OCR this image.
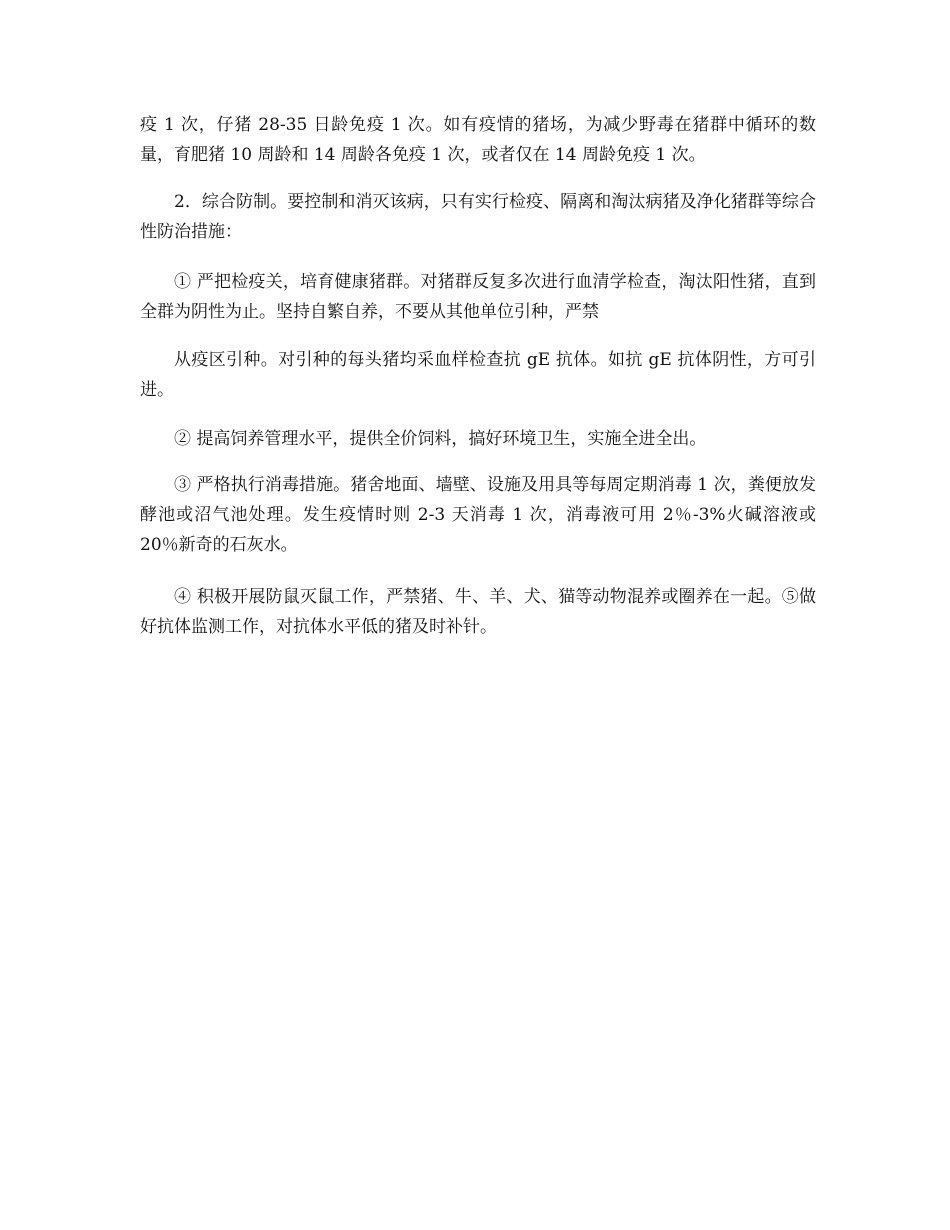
疫 1 次，仔猪 28-35 日龄免疫 1 次。如有疫情的猪场，为减少野毒在猪群中循环的数量，育肥猪 10 周龄和 14 周龄各免疫 1 次，或者仅在 14 周龄免疫 1 次。

2．综合防制。要控制和消灭该病，只有实行检疫、隔离和淘汰病猪及净化猪群等综合性防治措施：

① 严把检疫关，培育健康猪群。对猪群反复多次进行血清学检查，淘汰阳性猪，直到全群为阴性为止。坚持自繁自养，不要从其他单位引种，严禁

从疫区引种。对引种的每头猪均采血样检查抗 gE 抗体。如抗 gE 抗体阴性，方可引进。

② 提高饲养管理水平，提供全价饲料，搞好环境卫生，实施全进全出。

③ 严格执行消毒措施。猪舍地面、墙壁、设施及用具等每周定期消毒 1 次，粪便放发酵池或沼气池处理。发生疫情时则 2-3 天消毒 1 次，消毒液可用 2％-3%火碱溶液或 20％新奇的石灰水。

④ 积极开展防鼠灭鼠工作，严禁猪、牛、羊、犬、猫等动物混养或圈养在一起。⑤做好抗体监测工作，对抗体水平低的猪及时补针。
